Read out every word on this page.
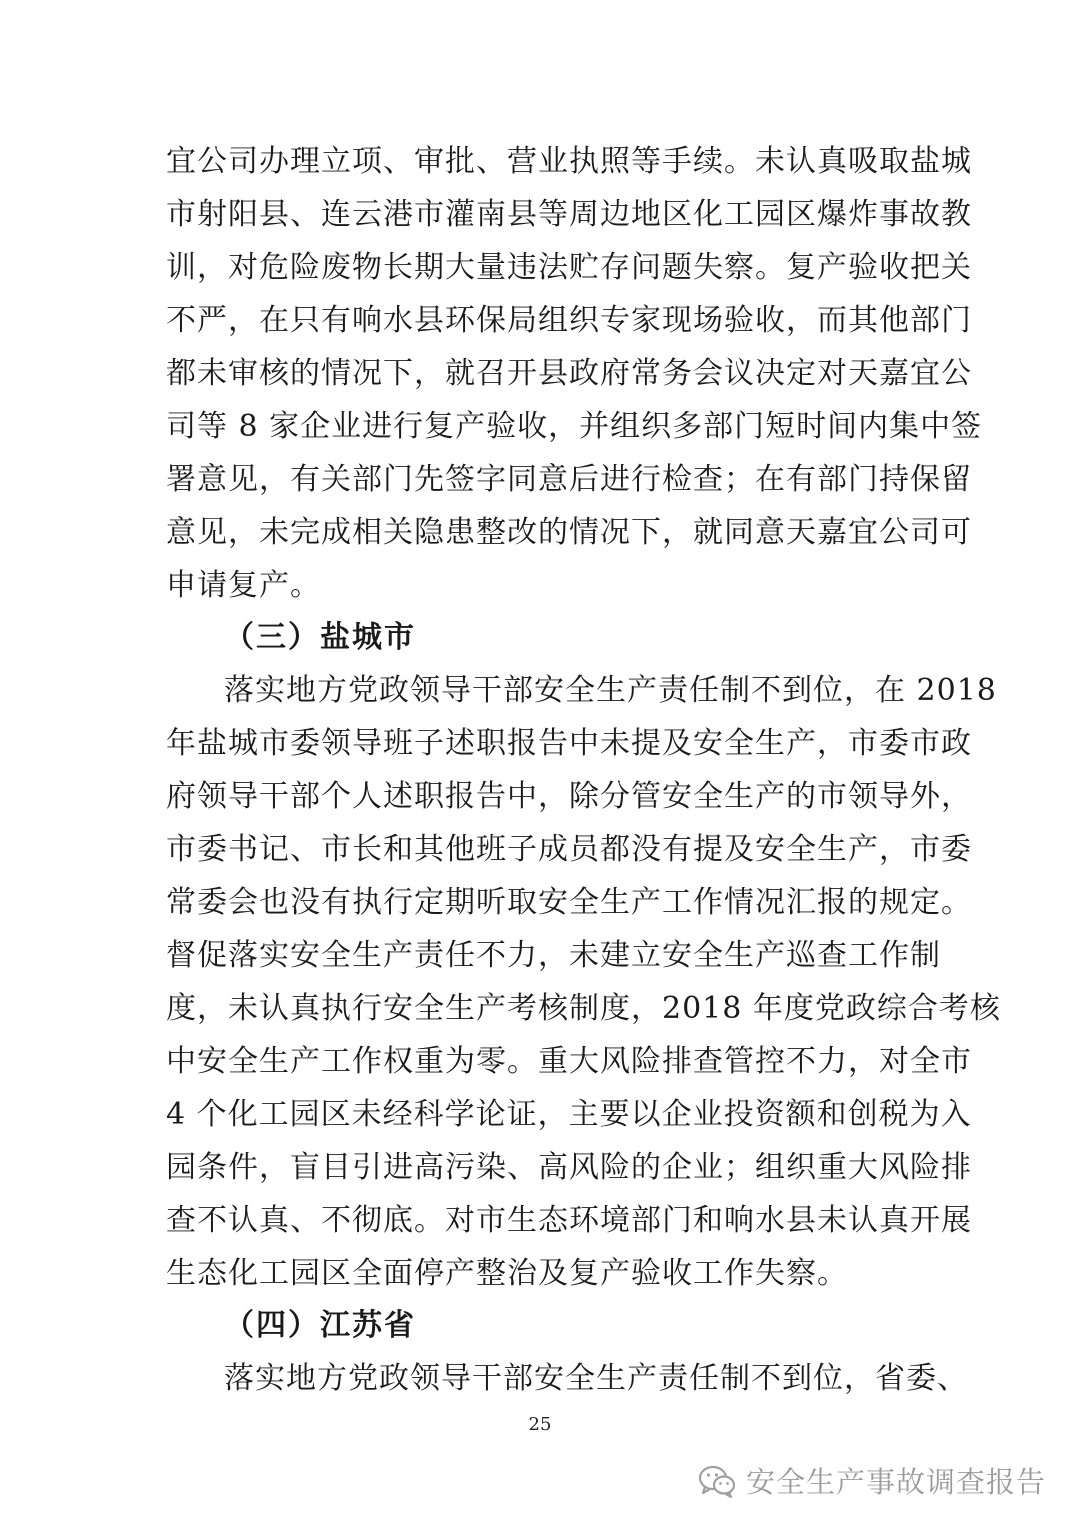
宜公司办理立项、审批、营业执照等手续。未认真吸取盐城
市射阳县、连云港市灌南县等周边地区化工园区爆炸事故教
训，对危险废物长期大量违法贮存问题失察。复产验收把关
不严，在只有响水县环保局组织专家现场验收，而其他部门
都未审核的情况下，就召开县政府常务会议决定对天嘉宜公
司等 8 家企业进行复产验收，并组织多部门短时间内集中签
署意见，有关部门先签字同意后进行检查；在有部门持保留
意见，未完成相关隐患整改的情况下，就同意天嘉宜公司可
申请复产。
（三）盐城市
落实地方党政领导干部安全生产责任制不到位，在 2018
年盐城市委领导班子述职报告中未提及安全生产，市委市政
府领导干部个人述职报告中，除分管安全生产的市领导外，
市委书记、市长和其他班子成员都没有提及安全生产，市委
常委会也没有执行定期听取安全生产工作情况汇报的规定。
督促落实安全生产责任不力，未建立安全生产巡查工作制
度，未认真执行安全生产考核制度，2018 年度党政综合考核
中安全生产工作权重为零。重大风险排查管控不力，对全市
4 个化工园区未经科学论证，主要以企业投资额和创税为入
园条件，盲目引进高污染、高风险的企业；组织重大风险排
查不认真、不彻底。对市生态环境部门和响水县未认真开展
生态化工园区全面停产整治及复产验收工作失察。
（四）江苏省
落实地方党政领导干部安全生产责任制不到位，省委、
25
安全生产事故调查报告
